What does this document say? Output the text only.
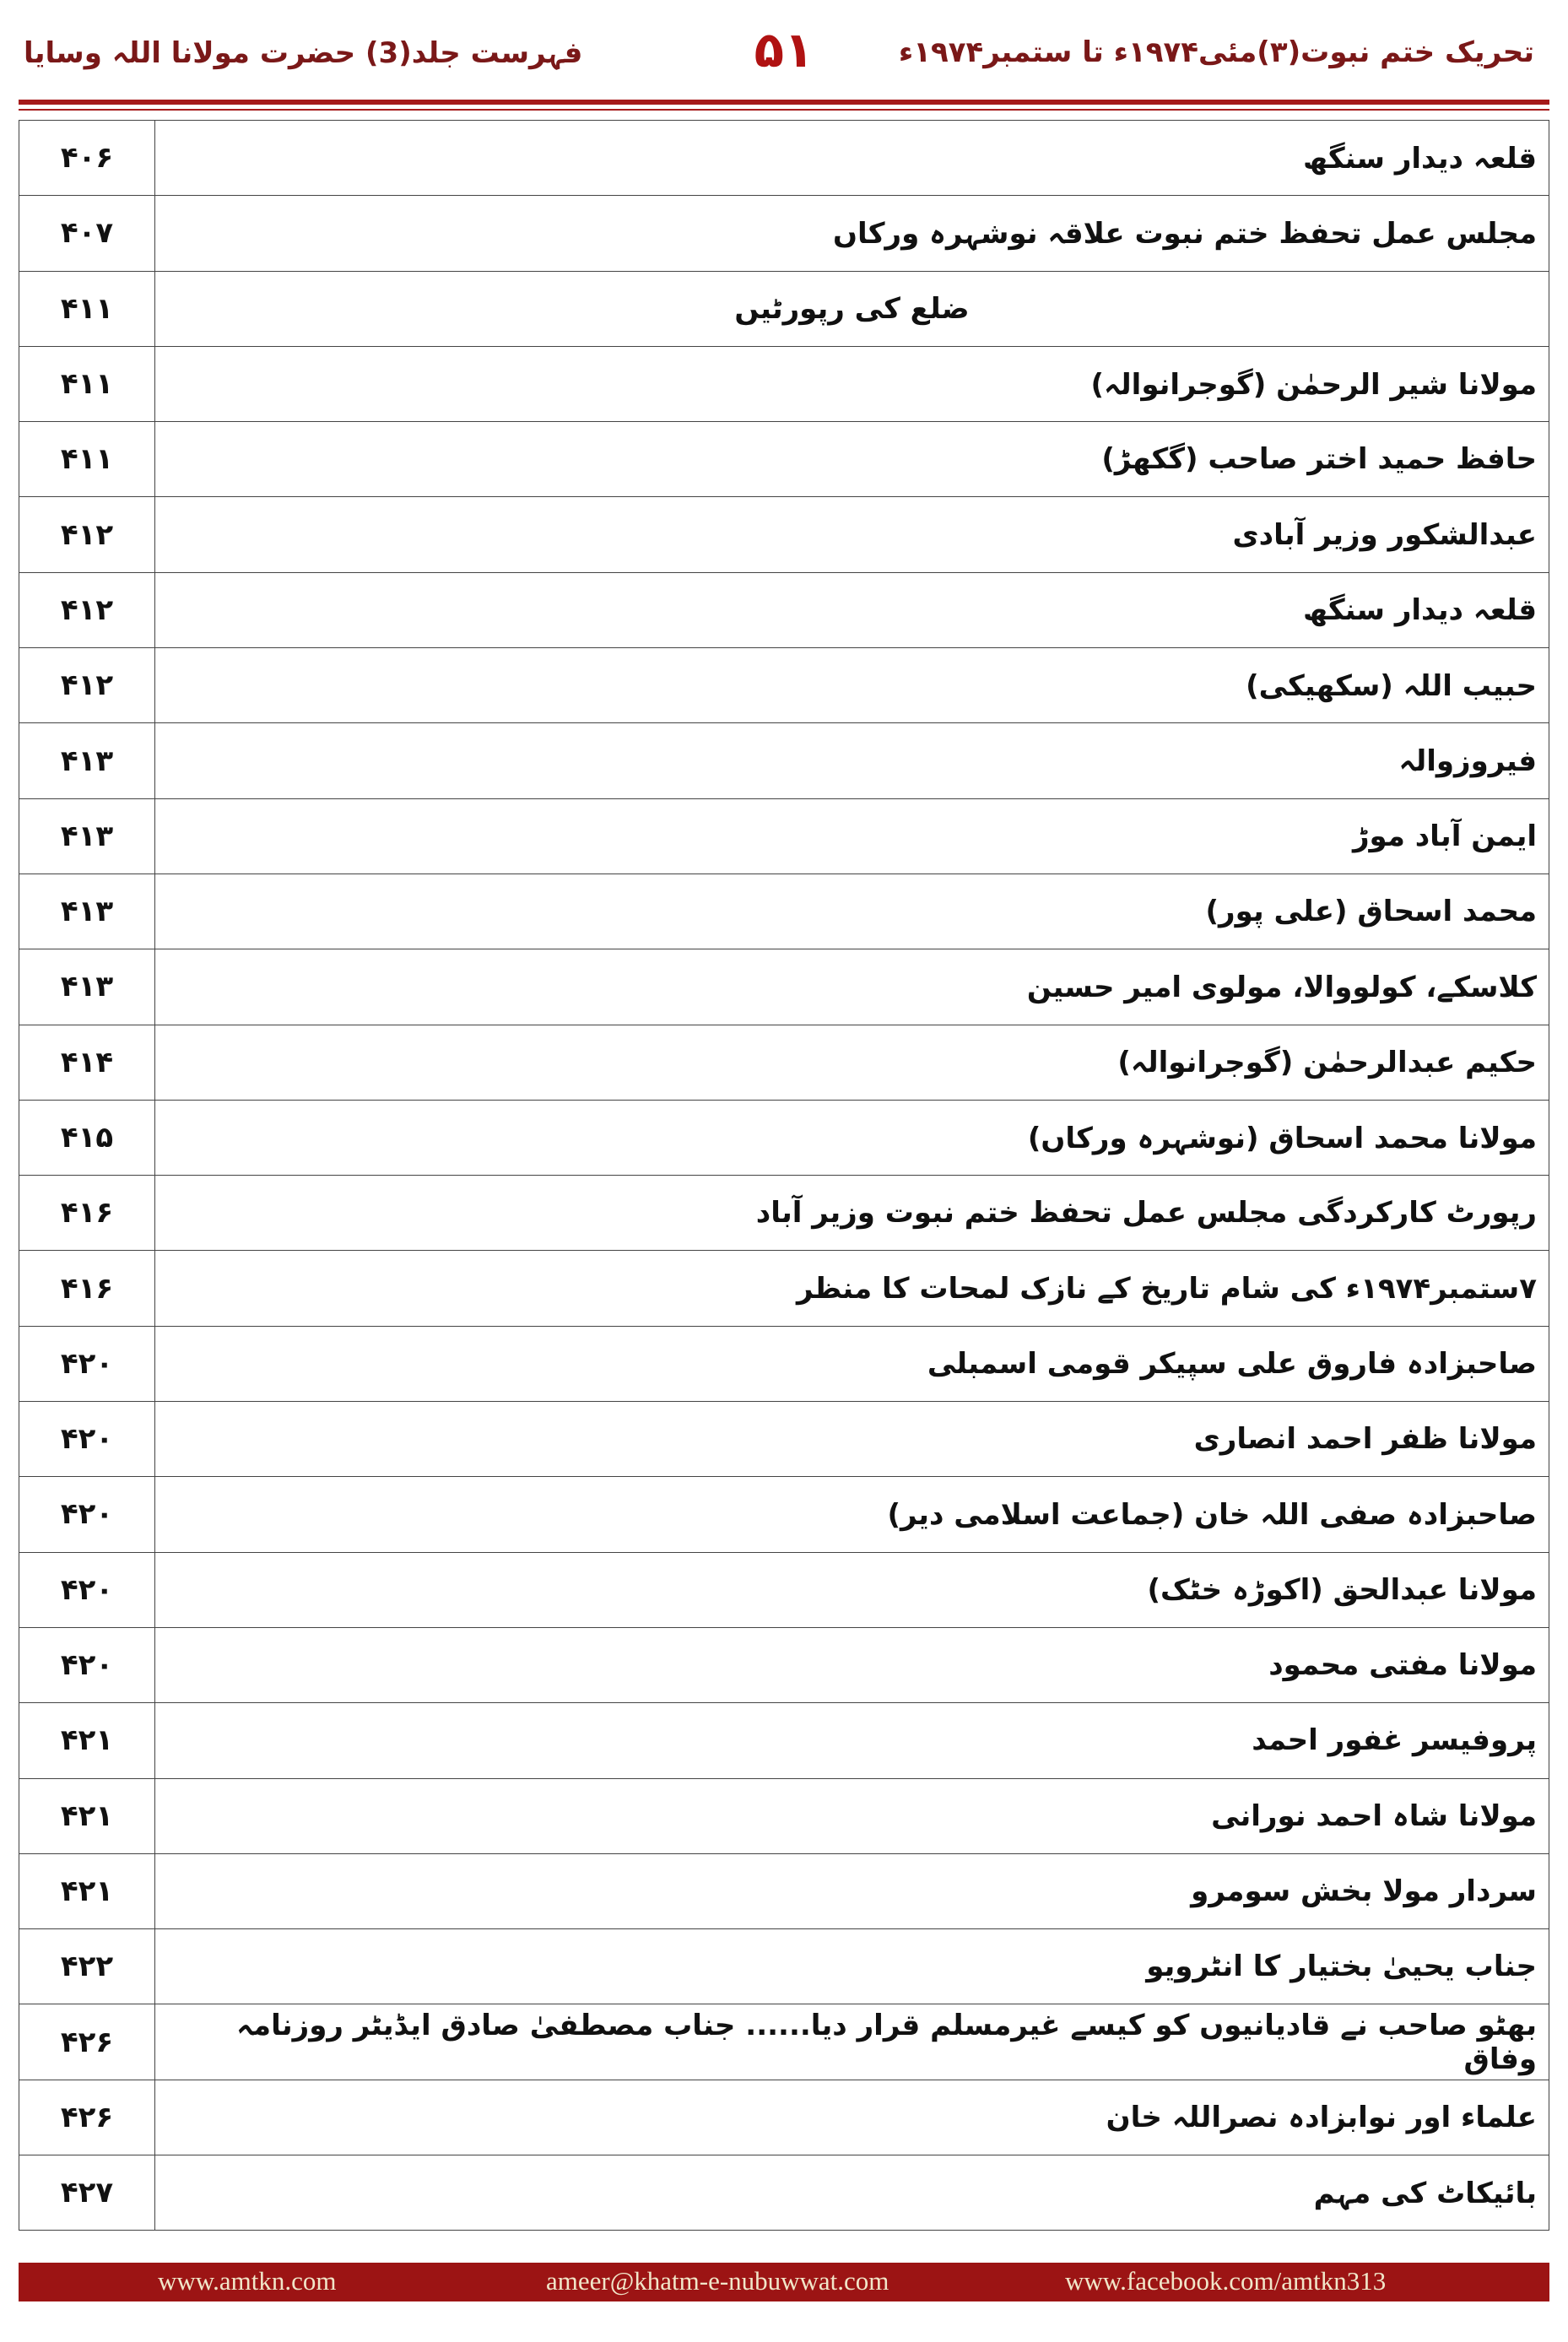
فہرست جلد(3) حضرت مولانا اللہ وسایا	۵۱	تحریک ختم نبوت(۳)مئی۱۹۷۴ء تا ستمبر۱۹۷۴ء
۴۰۶	قلعہ دیدار سنگھ
۴۰۷	مجلس عمل تحفظ ختم نبوت علاقہ نوشہرہ ورکاں
۴۱۱	ضلع کی رپورٹیں
۴۱۱	مولانا شیر الرحمٰن (گوجرانوالہ)
۴۱۱	حافظ حمید اختر صاحب (گکھڑ)
۴۱۲	عبدالشکور وزیر آبادی
۴۱۲	قلعہ دیدار سنگھ
۴۱۲	حبیب اللہ (سکھیکی)
۴۱۳	فیروزوالہ
۴۱۳	ایمن آباد موڑ
۴۱۳	محمد اسحاق (علی پور)
۴۱۳	کلاسکے، کولووالا، مولوی امیر حسین
۴۱۴	حکیم عبدالرحمٰن (گوجرانوالہ)
۴۱۵	مولانا محمد اسحاق (نوشہرہ ورکاں)
۴۱۶	رپورٹ کارکردگی مجلس عمل تحفظ ختم نبوت وزیر آباد
۴۱۶	۷ستمبر۱۹۷۴ء کی شام تاریخ کے نازک لمحات کا منظر
۴۲۰	صاحبزادہ فاروق علی سپیکر قومی اسمبلی
۴۲۰	مولانا ظفر احمد انصاری
۴۲۰	صاحبزادہ صفی اللہ خان (جماعت اسلامی دیر)
۴۲۰	مولانا عبدالحق (اکوڑہ خٹک)
۴۲۰	مولانا مفتی محمود
۴۲۱	پروفیسر غفور احمد
۴۲۱	مولانا شاہ احمد نورانی
۴۲۱	سردار مولا بخش سومرو
۴۲۲	جناب یحییٰ بختیار کا انٹرویو
۴۲۶	بھٹو صاحب نے قادیانیوں کو کیسے غیرمسلم قرار دیا...... جناب مصطفیٰ صادق ایڈیٹر روزنامہ وفاق
۴۲۶	علماء اور نوابزادہ نصراللہ خان
۴۲۷	بائیکاٹ کی مہم
www.amtkn.com	ameer@khatm-e-nubuwwat.com	www.facebook.com/amtkn313
